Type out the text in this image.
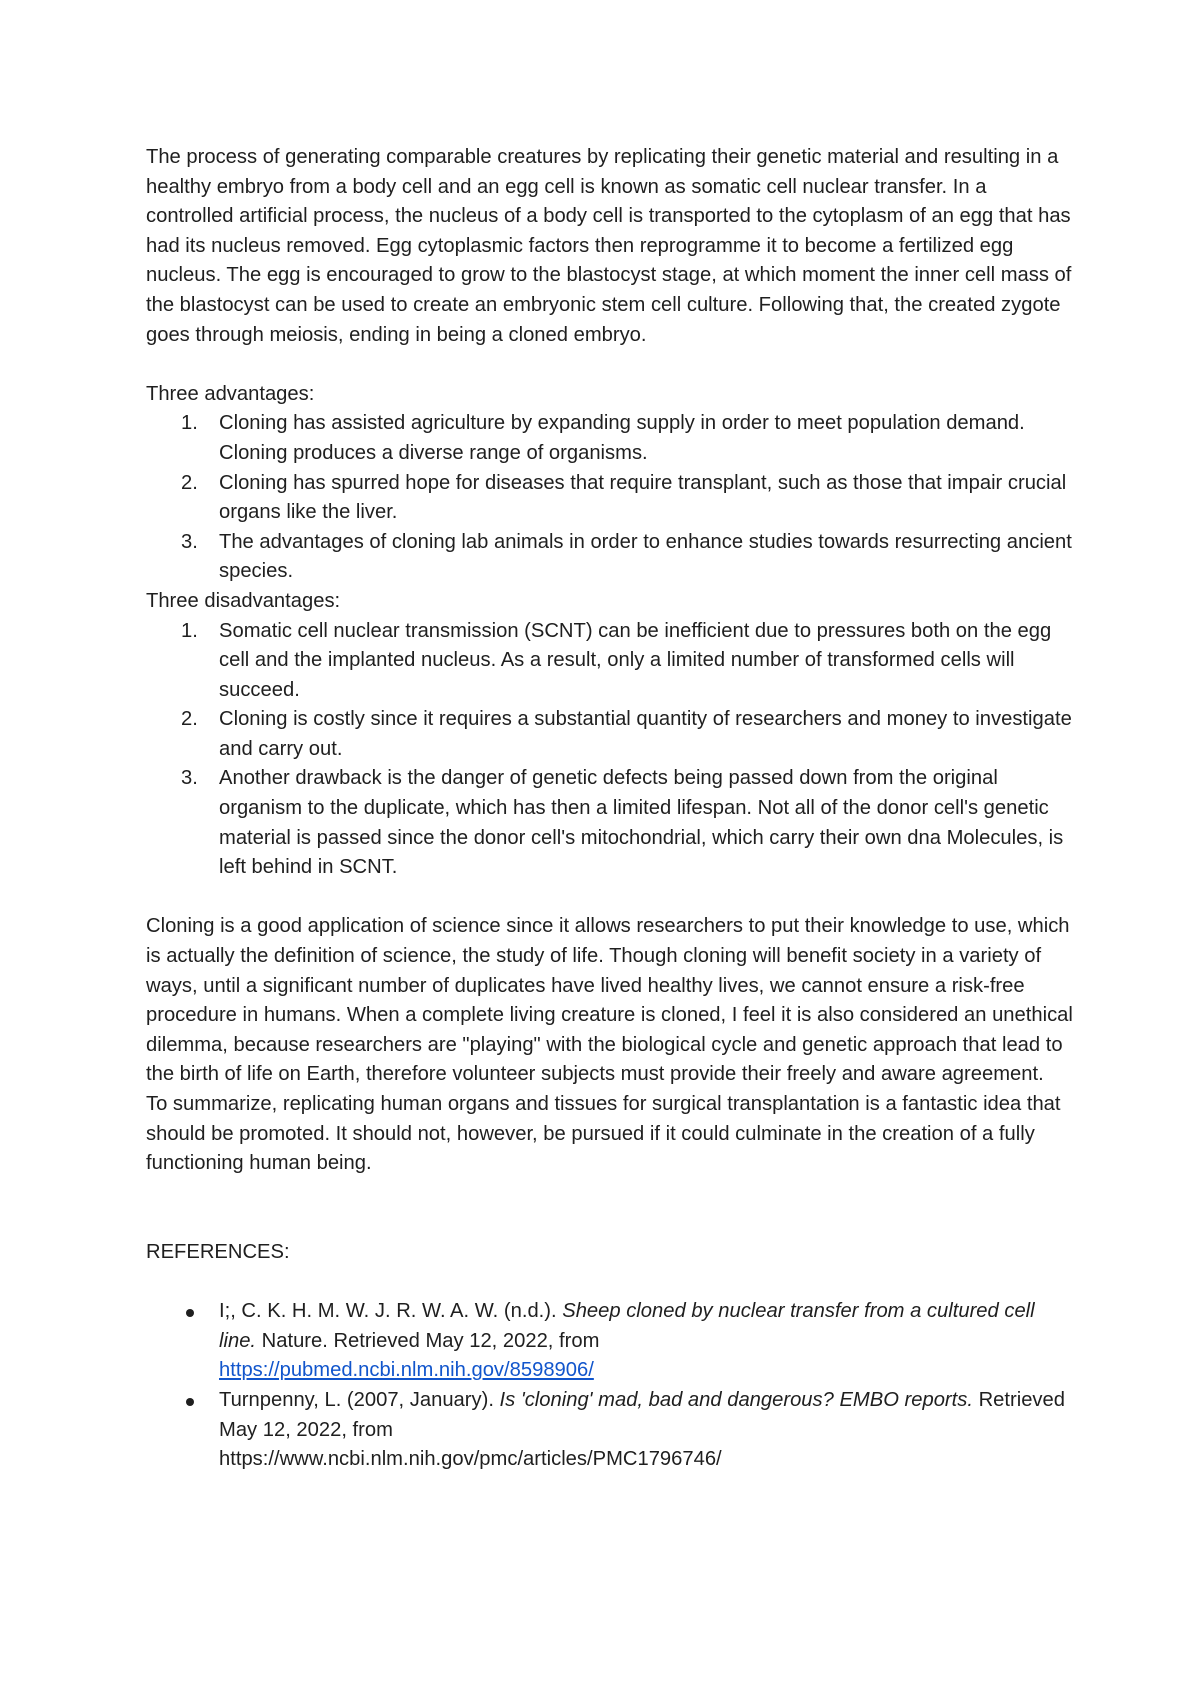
The process of generating comparable creatures by replicating their genetic material and resulting in a healthy embryo from a body cell and an egg cell is known as somatic cell nuclear transfer. In a controlled artificial process, the nucleus of a body cell is transported to the cytoplasm of an egg that has had its nucleus removed. Egg cytoplasmic factors then reprogramme it to become a fertilized egg nucleus. The egg is encouraged to grow to the blastocyst stage, at which moment the inner cell mass of the blastocyst can be used to create an embryonic stem cell culture. Following that, the created zygote goes through meiosis, ending in being a cloned embryo.

Three advantages:

1.	Cloning has assisted agriculture by expanding supply in order to meet population demand. Cloning produces a diverse range of organisms.
2.	Cloning has spurred hope for diseases that require transplant, such as those that impair crucial organs like the liver.
3.	The advantages of cloning lab animals in order to enhance studies towards resurrecting ancient species.

Three disadvantages:

1.	Somatic cell nuclear transmission (SCNT) can be inefficient due to pressures both on the egg cell and the implanted nucleus. As a result, only a limited number of transformed cells will succeed.
2.	Cloning is costly since it requires a substantial quantity of researchers and money to investigate and carry out.
3.	Another drawback is the danger of genetic defects being passed down from the original organism to the duplicate, which has then a limited lifespan. Not all of the donor cell's genetic material is passed since the donor cell's mitochondrial, which carry their own dna Molecules, is left behind in SCNT.

Cloning is a good application of science since it allows researchers to put their knowledge to use, which is actually the definition of science, the study of life. Though cloning will benefit society in a variety of ways, until a significant number of duplicates have lived healthy lives, we cannot ensure a risk-free procedure in humans. When a complete living creature is cloned, I feel it is also considered an unethical dilemma, because researchers are "playing" with the biological cycle and genetic approach that lead to the birth of life on Earth, therefore volunteer subjects must provide their freely and aware agreement.

To summarize, replicating human organs and tissues for surgical transplantation is a fantastic idea that should be promoted. It should not, however, be pursued if it could culminate in the creation of a fully functioning human being.

REFERENCES:

I;, C. K. H. M. W. J. R. W. A. W. (n.d.). Sheep cloned by nuclear transfer from a cultured cell line. Nature. Retrieved May 12, 2022, from
https://pubmed.ncbi.nlm.nih.gov/8598906/
Turnpenny, L. (2007, January). Is 'cloning' mad, bad and dangerous? EMBO reports. Retrieved May 12, 2022, from
https://www.ncbi.nlm.nih.gov/pmc/articles/PMC1796746/
